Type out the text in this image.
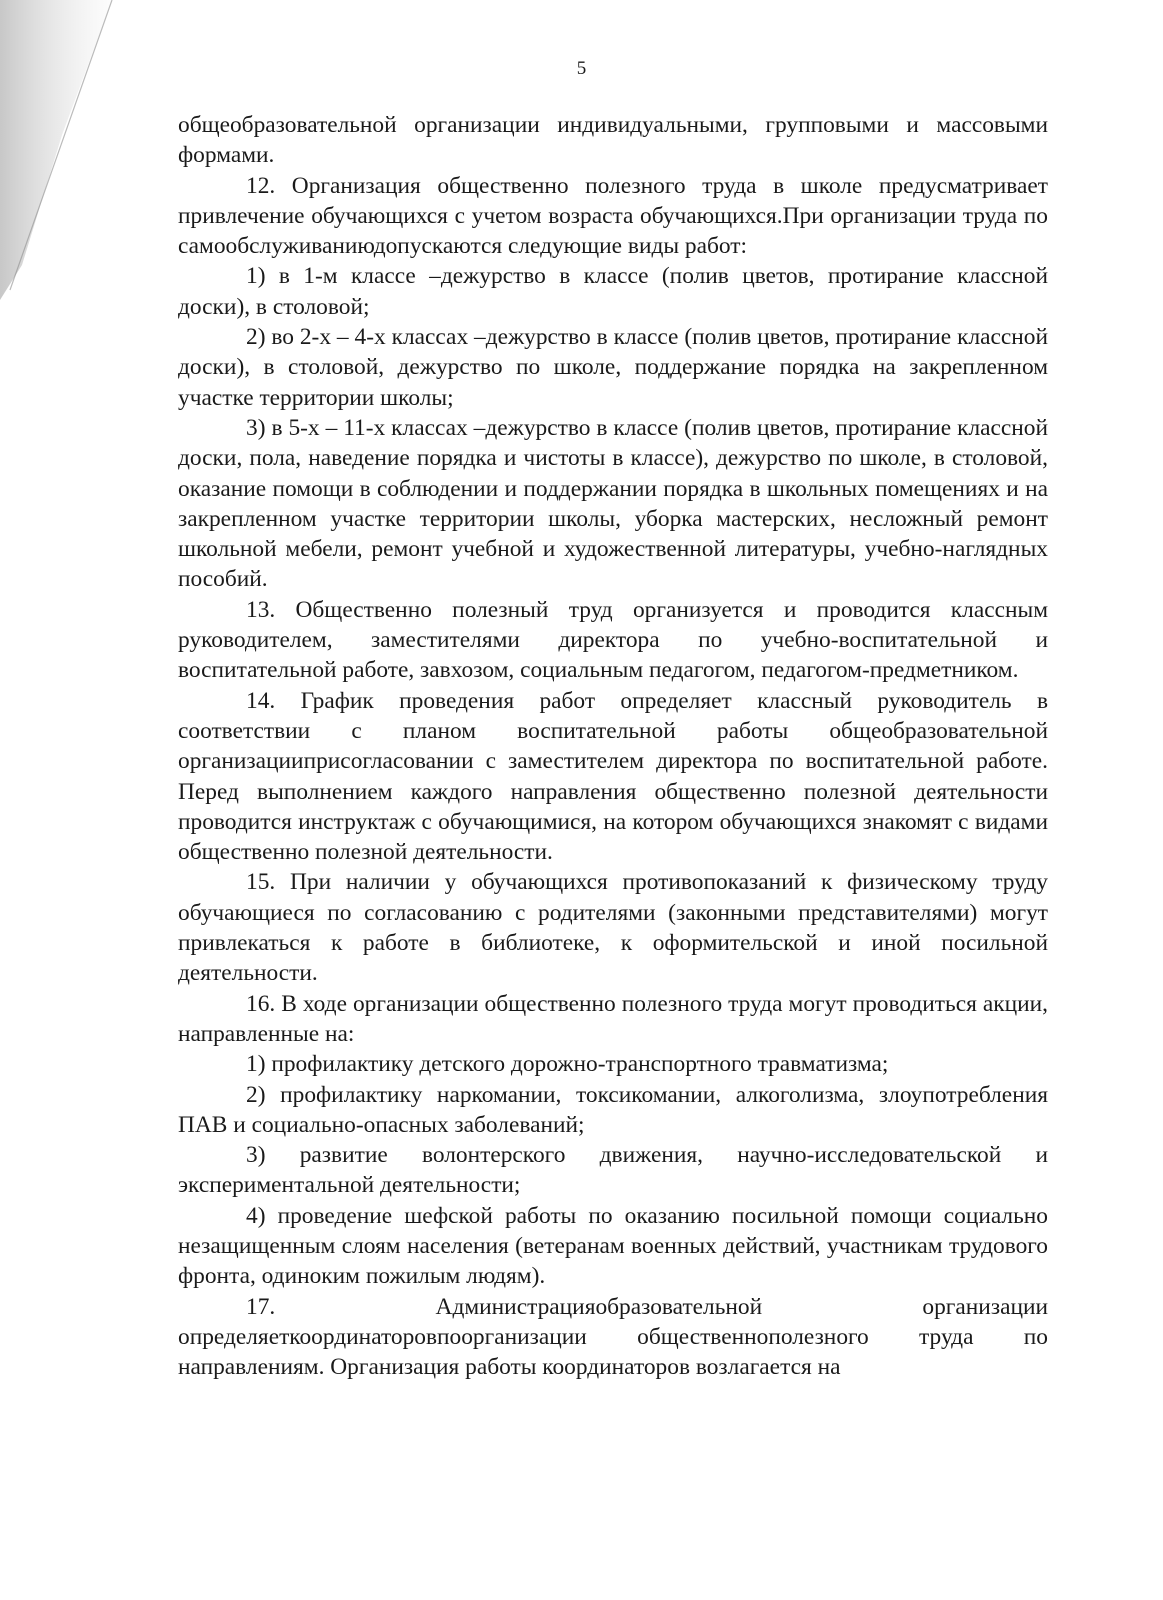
5

общеобразовательной организации индивидуальными, групповыми и массовыми формами.

12. Организация общественно полезного труда в школе предусматривает привлечение обучающихся с учетом возраста обучающихся.При организации труда по самообслуживаниюдопускаются следующие виды работ:

1) в 1-м классе –дежурство в классе (полив цветов, протирание классной доски), в столовой;

2) во 2-х – 4-х классах –дежурство в классе (полив цветов, протирание классной доски), в столовой, дежурство по школе, поддержание порядка на закрепленном участке территории школы;

3) в 5-х – 11-х классах –дежурство в классе (полив цветов, протирание классной доски, пола, наведение порядка и чистоты в классе), дежурство по школе, в столовой, оказание помощи в соблюдении и поддержании порядка в школьных помещениях и на закрепленном участке территории школы, уборка мастерских, несложный ремонт школьной мебели, ремонт учебной и художественной литературы, учебно-наглядных пособий.

13. Общественно полезный труд организуется и проводится классным руководителем, заместителями директора по учебно-воспитательной и воспитательной работе, завхозом, социальным педагогом, педагогом-предметником.

14. График проведения работ определяет классный руководитель в соответствии с планом воспитательной работы общеобразовательной организацииприсогласовании с заместителем директора по воспитательной работе. Перед выполнением каждого направления общественно полезной деятельности проводится инструктаж с обучающимися, на котором обучающихся знакомят с видами общественно полезной деятельности.

15. При наличии у обучающихся противопоказаний к физическому труду обучающиеся по согласованию с родителями (законными представителями) могут привлекаться к работе в библиотеке, к оформительской и иной посильной деятельности.

16. В ходе организации общественно полезного труда могут проводиться акции, направленные на:

1) профилактику детского дорожно-транспортного травматизма;

2) профилактику наркомании, токсикомании, алкоголизма, злоупотребления ПАВ и социально-опасных заболеваний;

3) развитие волонтерского движения, научно-исследовательской и экспериментальной деятельности;

4) проведение шефской работы по оказанию посильной помощи социально незащищенным слоям населения (ветеранам военных действий, участникам трудового фронта, одиноким пожилым людям).

17. Администрацияобразовательной организации определяеткоординаторовпоорганизации общественнополезного труда по направлениям. Организация работы координаторов возлагается на
